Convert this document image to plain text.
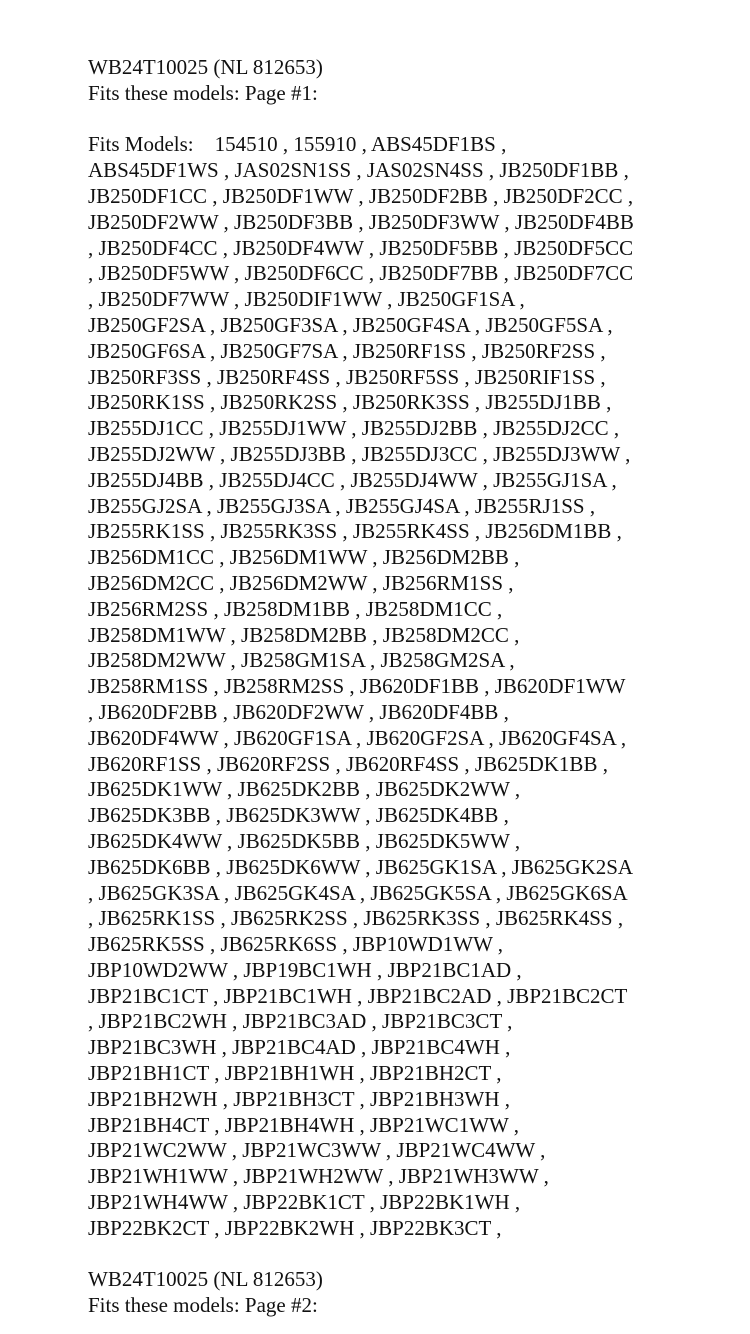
WB24T10025 (NL 812653)
Fits these models: Page #1:
Fits Models:    154510 , 155910 , ABS45DF1BS ,
ABS45DF1WS , JAS02SN1SS , JAS02SN4SS , JB250DF1BB ,
JB250DF1CC , JB250DF1WW , JB250DF2BB , JB250DF2CC ,
JB250DF2WW , JB250DF3BB , JB250DF3WW , JB250DF4BB
, JB250DF4CC , JB250DF4WW , JB250DF5BB , JB250DF5CC
, JB250DF5WW , JB250DF6CC , JB250DF7BB , JB250DF7CC
, JB250DF7WW , JB250DIF1WW , JB250GF1SA ,
JB250GF2SA , JB250GF3SA , JB250GF4SA , JB250GF5SA ,
JB250GF6SA , JB250GF7SA , JB250RF1SS , JB250RF2SS ,
JB250RF3SS , JB250RF4SS , JB250RF5SS , JB250RIF1SS ,
JB250RK1SS , JB250RK2SS , JB250RK3SS , JB255DJ1BB ,
JB255DJ1CC , JB255DJ1WW , JB255DJ2BB , JB255DJ2CC ,
JB255DJ2WW , JB255DJ3BB , JB255DJ3CC , JB255DJ3WW ,
JB255DJ4BB , JB255DJ4CC , JB255DJ4WW , JB255GJ1SA ,
JB255GJ2SA , JB255GJ3SA , JB255GJ4SA , JB255RJ1SS ,
JB255RK1SS , JB255RK3SS , JB255RK4SS , JB256DM1BB ,
JB256DM1CC , JB256DM1WW , JB256DM2BB ,
JB256DM2CC , JB256DM2WW , JB256RM1SS ,
JB256RM2SS , JB258DM1BB , JB258DM1CC ,
JB258DM1WW , JB258DM2BB , JB258DM2CC ,
JB258DM2WW , JB258GM1SA , JB258GM2SA ,
JB258RM1SS , JB258RM2SS , JB620DF1BB , JB620DF1WW
, JB620DF2BB , JB620DF2WW , JB620DF4BB ,
JB620DF4WW , JB620GF1SA , JB620GF2SA , JB620GF4SA ,
JB620RF1SS , JB620RF2SS , JB620RF4SS , JB625DK1BB ,
JB625DK1WW , JB625DK2BB , JB625DK2WW ,
JB625DK3BB , JB625DK3WW , JB625DK4BB ,
JB625DK4WW , JB625DK5BB , JB625DK5WW ,
JB625DK6BB , JB625DK6WW , JB625GK1SA , JB625GK2SA
, JB625GK3SA , JB625GK4SA , JB625GK5SA , JB625GK6SA
, JB625RK1SS , JB625RK2SS , JB625RK3SS , JB625RK4SS ,
JB625RK5SS , JB625RK6SS , JBP10WD1WW ,
JBP10WD2WW , JBP19BC1WH , JBP21BC1AD ,
JBP21BC1CT , JBP21BC1WH , JBP21BC2AD , JBP21BC2CT
, JBP21BC2WH , JBP21BC3AD , JBP21BC3CT ,
JBP21BC3WH , JBP21BC4AD , JBP21BC4WH ,
JBP21BH1CT , JBP21BH1WH , JBP21BH2CT ,
JBP21BH2WH , JBP21BH3CT , JBP21BH3WH ,
JBP21BH4CT , JBP21BH4WH , JBP21WC1WW ,
JBP21WC2WW , JBP21WC3WW , JBP21WC4WW ,
JBP21WH1WW , JBP21WH2WW , JBP21WH3WW ,
JBP21WH4WW , JBP22BK1CT , JBP22BK1WH ,
JBP22BK2CT , JBP22BK2WH , JBP22BK3CT ,
WB24T10025 (NL 812653)
Fits these models: Page #2:
